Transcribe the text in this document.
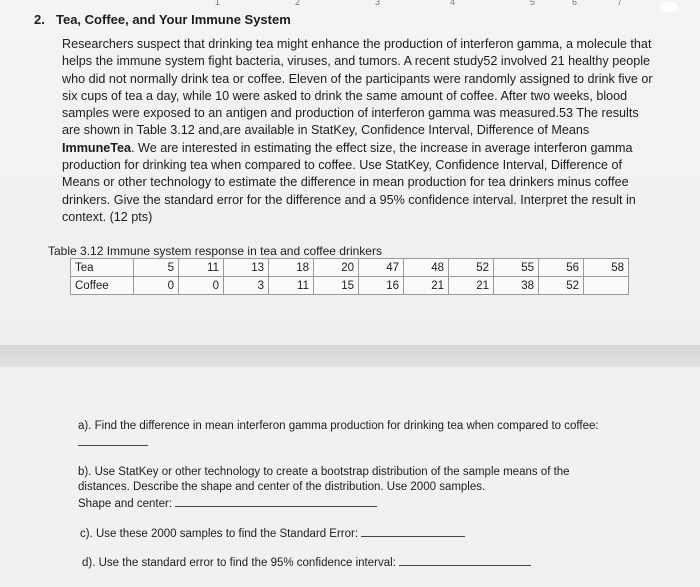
1	2	3	4	5	6	7
2. Tea, Coffee, and Your Immune System

Researchers suspect that drinking tea might enhance the production of interferon gamma, a molecule that helps the immune system fight bacteria, viruses, and tumors. A recent study52 involved 21 healthy people who did not normally drink tea or coffee. Eleven of the participants were randomly assigned to drink five or six cups of tea a day, while 10 were asked to drink the same amount of coffee. After two weeks, blood samples were exposed to an antigen and production of interferon gamma was measured.53 The results are shown in Table 3.12 and,are available in StatKey, Confidence Interval, Difference of Means ImmuneTea. We are interested in estimating the effect size, the increase in average interferon gamma production for drinking tea when compared to coffee. Use StatKey, Confidence Interval, Difference of Means or other technology to estimate the difference in mean production for tea drinkers minus coffee drinkers. Give the standard error for the difference and a 95% confidence interval. Interpret the result in context. (12 pts)

Table 3.12 Immune system response in tea and coffee drinkers
Tea	5	11	13	18	20	47	48	52	55	56	58
Coffee	0	0	3	11	15	16	21	21	38	52	
a). Find the difference in mean interferon gamma production for drinking tea when compared to coffee:
b). Use StatKey or other technology to create a bootstrap distribution of the sample means of the distances. Describe the shape and center of the distribution. Use 2000 samples.
Shape and center:
c). Use these 2000 samples to find the Standard Error:
d). Use the standard error to find the 95% confidence interval:
